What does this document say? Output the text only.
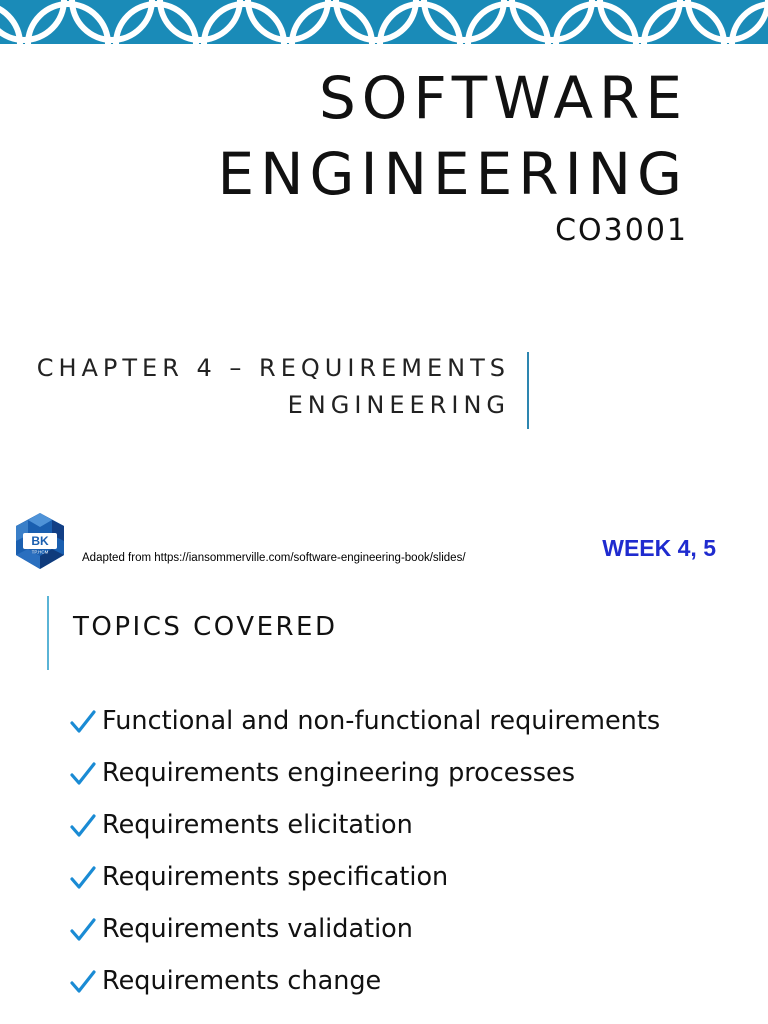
SOFTWARE
ENGINEERING
CO3001
CHAPTER 4 – REQUIREMENTS
ENGINEERING
BK
TP.HCM	Adapted from https://iansommerville.com/software-engineering-book/slides/	WEEK 4, 5
TOPICS COVERED
Functional and non-functional requirements
Requirements engineering processes
Requirements elicitation
Requirements specification
Requirements validation
Requirements change
